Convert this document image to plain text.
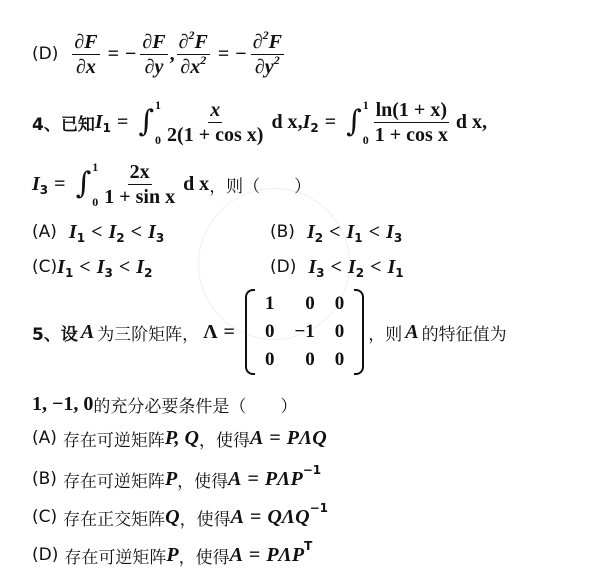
$(D) \frac{\partial F}{\partial x}$ = − $\frac{\partial F}{\partial y}$ , $\frac{\partial^2F}{\partial x^2}$ = − $\frac{\partial^2F}{\partial y^2}$
4、已知 I 1 = ∫ 1
$0 \frac{x}{\text{2(1 + cos x)}}$ d x , I 2 = ∫ 1
$0 \frac{\ln(1 + x)}{\text{1 + cos x}}$ d x ,
I 3 = ∫ 1
$0 \frac{2x}{\text{1 + sin x}}$ d x ，则（　　）
(A) I 1 < I 2 < I 3	(B) I 2 < I 1 < I 3
(C) I 1 < I 3 < I 2	(D) I 3 < I 2 < I 1
5、设 A 为三阶矩阵， Λ =
1	0	0
0	−1	0
0	0	0
，则 A 的特征值为
1, −1, 0 的充分必要条件是（　　）
(A) 存在可逆矩阵 P, Q ，使得 A = PΛQ
(B) 存在可逆矩阵 P ，使得 A = PΛP −1
(C) 存在正交矩阵 Q ，使得 A = QΛQ −1
(D) 存在可逆矩阵 P ，使得 A = PΛP T
